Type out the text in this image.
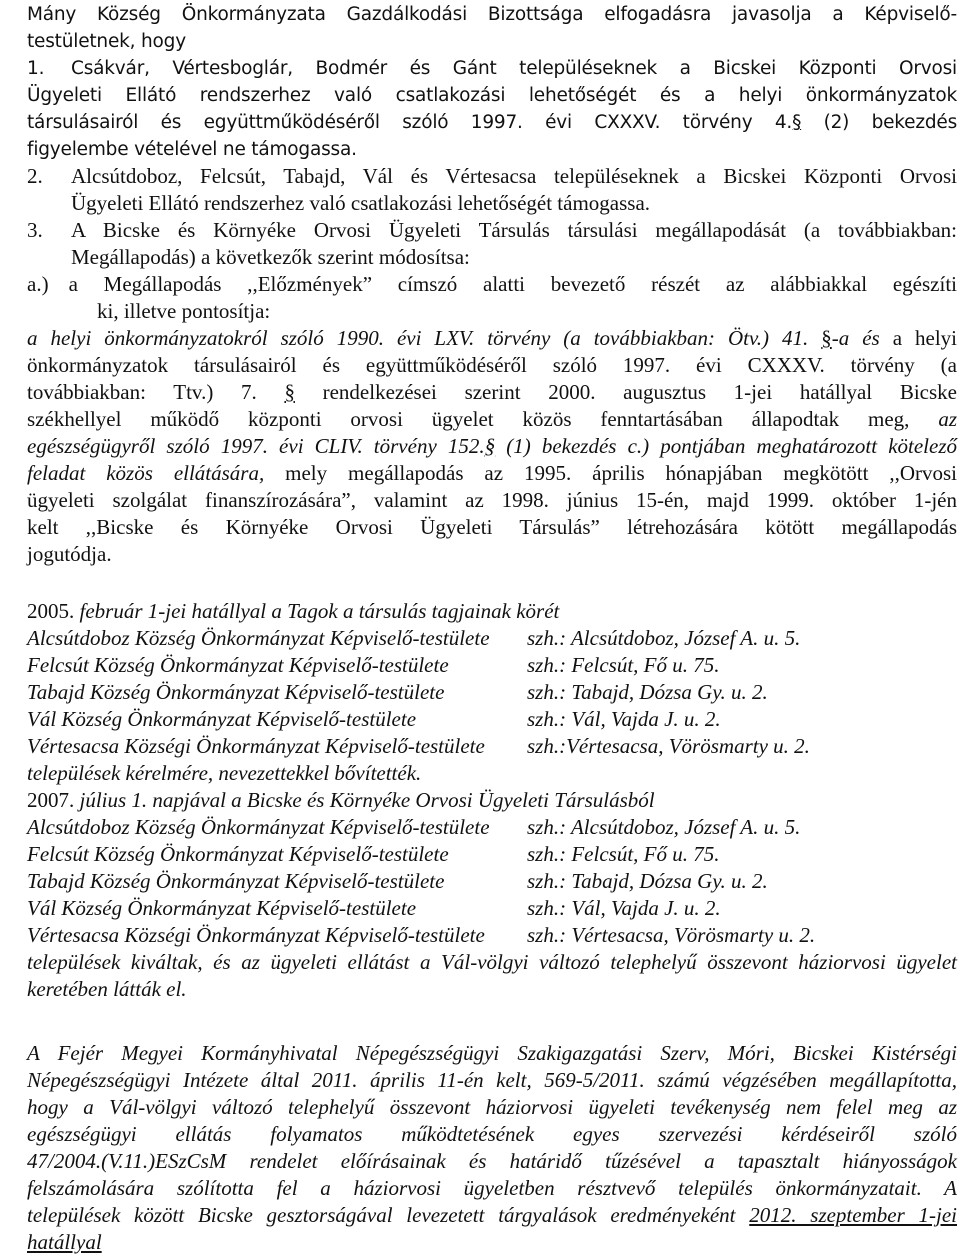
Mány Község Önkormányzata Gazdálkodási Bizottsága elfogadásra javasolja a Képviselő-
testületnek, hogy
1. Csákvár, Vértesboglár, Bodmér és Gánt településeknek a Bicskei Központi Orvosi
Ügyeleti Ellátó rendszerhez való csatlakozási lehetőségét és a helyi önkormányzatok
társulásairól és együttműködéséről szóló 1997. évi CXXXV. törvény 4.§ (2) bekezdés
figyelembe vételével ne támogassa.
2. Alcsútdoboz, Felcsút, Tabajd, Vál és Vértesacsa településeknek a Bicskei Központi Orvosi
Ügyeleti Ellátó rendszerhez való csatlakozási lehetőségét támogassa.
3. A Bicske és Környéke Orvosi Ügyeleti Társulás társulási megállapodását (a továbbiakban:
Megállapodás) a következők szerint módosítsa:
a.) a Megállapodás ,,Előzmények” címszó alatti bevezető részét az alábbiakkal egészíti
ki, illetve pontosítja:
a helyi önkormányzatokról szóló 1990. évi LXV. törvény (a továbbiakban: Ötv.) 41. §-a és a helyi
önkormányzatok társulásairól és együttműködéséről szóló 1997. évi CXXXV. törvény (a
továbbiakban: Ttv.) 7. § rendelkezései szerint 2000. augusztus 1-jei hatállyal Bicske
székhellyel működő központi orvosi ügyelet közös fenntartásában állapodtak meg, az
egészségügyről szóló 1997. évi CLIV. törvény 152.§ (1) bekezdés c.) pontjában meghatározott kötelező
feladat közös ellátására, mely megállapodás az 1995. április hónapjában megkötött ,,Orvosi
ügyeleti szolgálat finanszírozására”, valamint az 1998. június 15-én, majd 1999. október 1-jén
kelt ,,Bicske és Környéke Orvosi Ügyeleti Társulás” létrehozására kötött megállapodás
jogutódja.
2005. február 1-jei hatállyal a Tagok a társulás tagjainak körét
Alcsútdoboz Község Önkormányzat Képviselő-testülete szh.: Alcsútdoboz, József A. u. 5.
Felcsút Község Önkormányzat Képviselő-testülete	szh.: Felcsút, Fő u. 75.
Tabajd Község Önkormányzat Képviselő-testülete	szh.: Tabajd, Dózsa Gy. u. 2.
Vál Község Önkormányzat Képviselő-testülete	szh.: Vál, Vajda J. u. 2.
Vértesacsa Községi Önkormányzat Képviselő-testülete szh.:Vértesacsa, Vörösmarty u. 2.
települések kérelmére, nevezettekkel bővítették.
2007. július 1. napjával a Bicske és Környéke Orvosi Ügyeleti Társulásból
Alcsútdoboz Község Önkormányzat Képviselő-testülete szh.: Alcsútdoboz, József A. u. 5.
Felcsút Község Önkormányzat Képviselő-testülete	szh.: Felcsút, Fő u. 75.
Tabajd Község Önkormányzat Képviselő-testülete	szh.: Tabajd, Dózsa Gy. u. 2.
Vál Község Önkormányzat Képviselő-testülete	szh.: Vál, Vajda J. u. 2.
Vértesacsa Községi Önkormányzat Képviselő-testülete szh.: Vértesacsa, Vörösmarty u. 2.
települések kiváltak, és az ügyeleti ellátást a Vál-völgyi változó telephelyű összevont háziorvosi ügyelet
keretében látták el.
A Fejér Megyei Kormányhivatal Népegészségügyi Szakigazgatási Szerv, Móri, Bicskei Kistérségi
Népegészségügyi Intézete által 2011. április 11-én kelt, 569-5/2011. számú végzésében megállapította,
hogy a Vál-völgyi változó telephelyű összevont háziorvosi ügyeleti tevékenység nem felel meg az
egészségügyi ellátás folyamatos működtetésének egyes szervezési kérdéseiről szóló
47/2004.(V.11.)ESzCsM rendelet előírásainak és határidő tűzésével a tapasztalt hiányosságok
felszámolására szólította fel a háziorvosi ügyeletben résztvevő település önkormányzatait. A
települések között Bicske gesztorságával levezetett tárgyalások eredményeként 2012. szeptember 1-jei
hatállyal
